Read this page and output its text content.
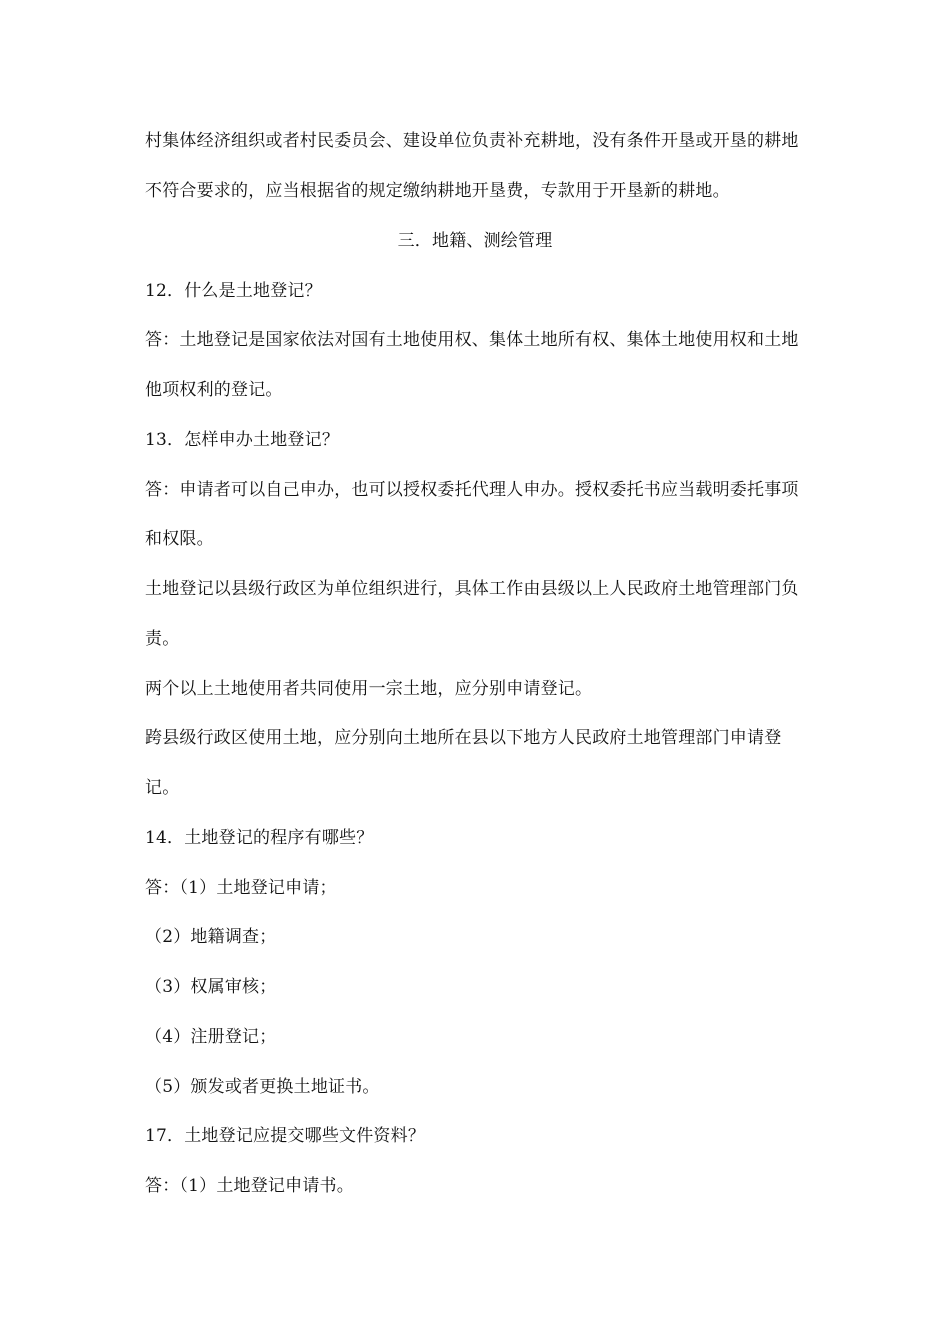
村集体经济组织或者村民委员会、建设单位负责补充耕地，没有条件开垦或开垦的耕地
不符合要求的，应当根据省的规定缴纳耕地开垦费，专款用于开垦新的耕地。
三．地籍、测绘管理
12．什么是土地登记？
答：土地登记是国家依法对国有土地使用权、集体土地所有权、集体土地使用权和土地
他项权利的登记。
13．怎样申办土地登记？
答：申请者可以自己申办，也可以授权委托代理人申办。授权委托书应当载明委托事项
和权限。
土地登记以县级行政区为单位组织进行，具体工作由县级以上人民政府土地管理部门负
责。
两个以上土地使用者共同使用一宗土地，应分别申请登记。
跨县级行政区使用土地，应分别向土地所在县以下地方人民政府土地管理部门申请登
记。
14．土地登记的程序有哪些？
答：（1）土地登记申请；
（2）地籍调查；
（3）权属审核；
（4）注册登记；
（5）颁发或者更换土地证书。
17．土地登记应提交哪些文件资料？
答：（1）土地登记申请书。
